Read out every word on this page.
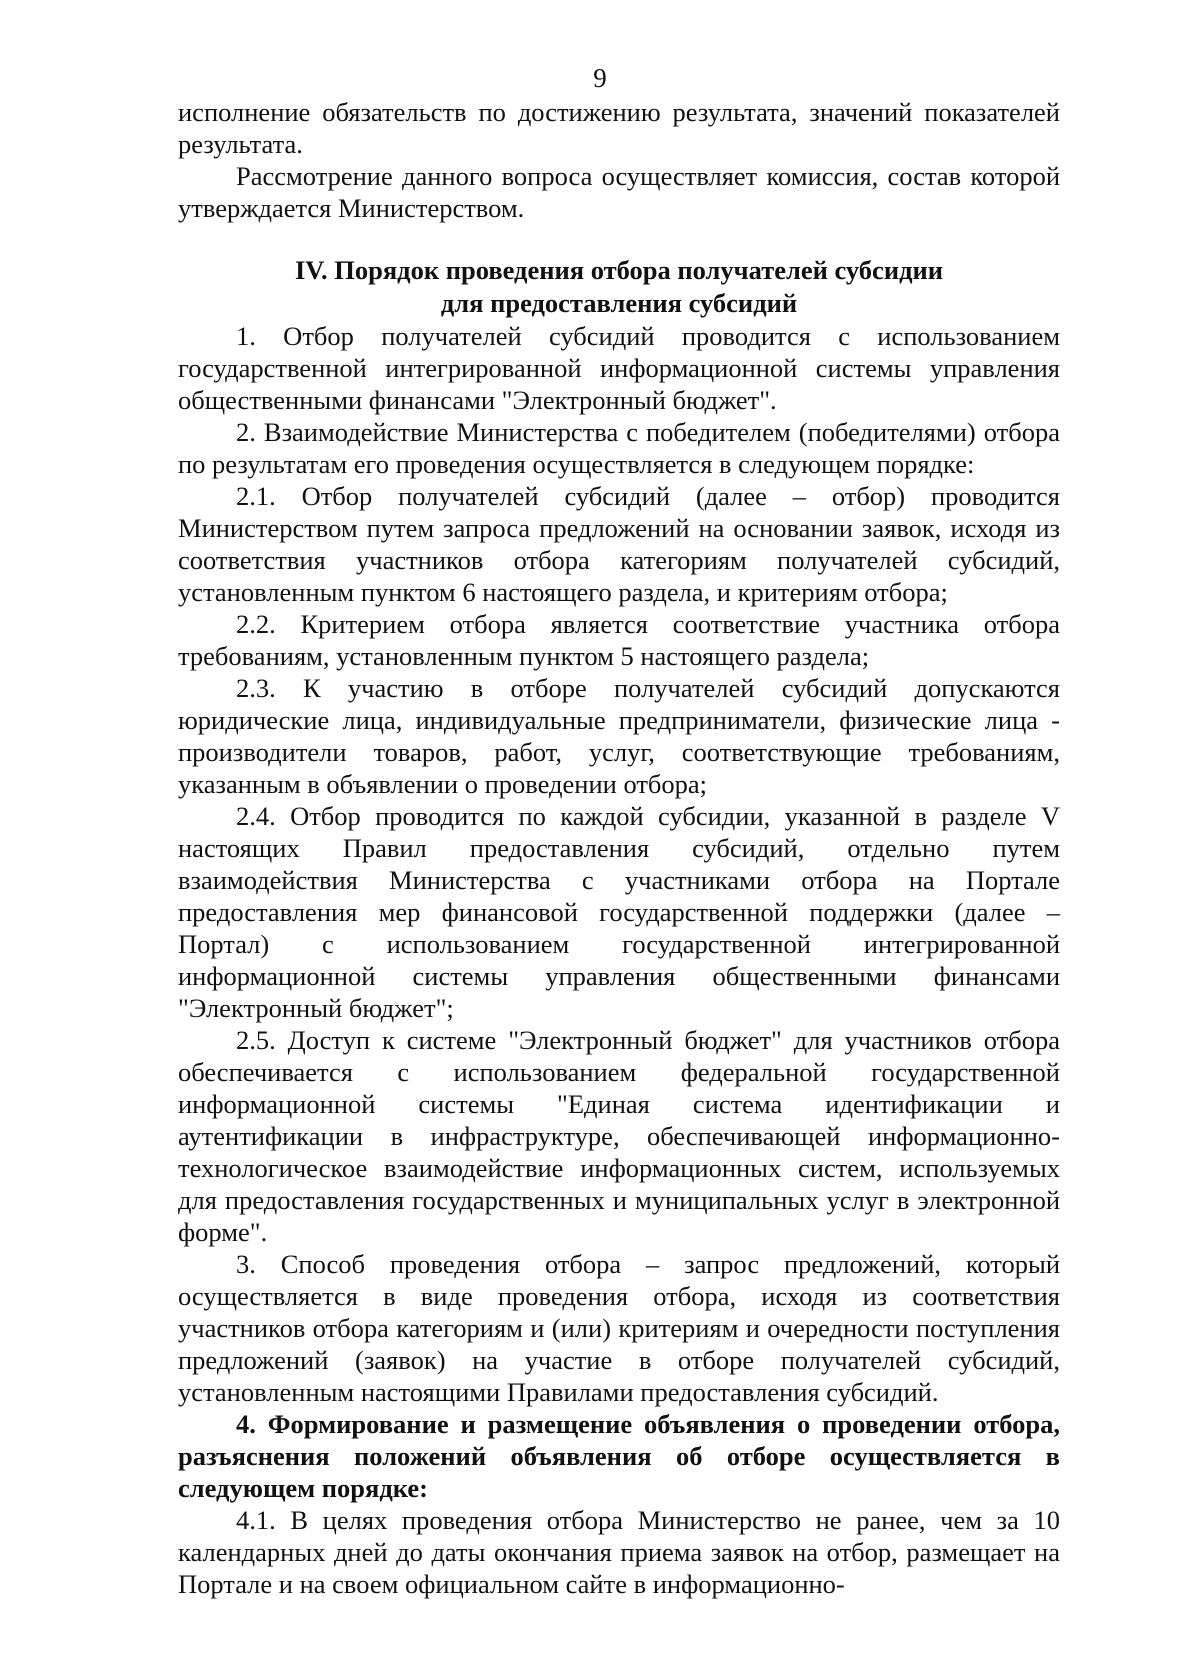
9

исполнение обязательств по достижению результата, значений показателей результата.

Рассмотрение данного вопроса осуществляет комиссия, состав которой утверждается Министерством.

IV. Порядок проведения отбора получателей субсидии
для предоставления субсидий

1. Отбор получателей субсидий проводится с использованием государственной интегрированной информационной системы управления общественными финансами "Электронный бюджет".

2. Взаимодействие Министерства с победителем (победителями) отбора по результатам его проведения осуществляется в следующем порядке:

2.1. Отбор получателей субсидий (далее – отбор) проводится Министерством путем запроса предложений на основании заявок, исходя из соответствия участников отбора категориям получателей субсидий, установленным пунктом 6 настоящего раздела, и критериям отбора;

2.2. Критерием отбора является соответствие участника отбора требованиям, установленным пунктом 5 настоящего раздела;

2.3. К участию в отборе получателей субсидий допускаются юридические лица, индивидуальные предприниматели, физические лица - производители товаров, работ, услуг, соответствующие требованиям, указанным в объявлении о проведении отбора;

2.4. Отбор проводится по каждой субсидии, указанной в разделе V настоящих Правил предоставления субсидий, отдельно путем взаимодействия Министерства с участниками отбора на Портале предоставления мер финансовой государственной поддержки (далее – Портал) с использованием государственной интегрированной информационной системы управления общественными финансами "Электронный бюджет";

2.5. Доступ к системе "Электронный бюджет" для участников отбора обеспечивается с использованием федеральной государственной информационной системы "Единая система идентификации и аутентификации в инфраструктуре, обеспечивающей информационно-технологическое взаимодействие информационных систем, используемых для предоставления государственных и муниципальных услуг в электронной форме".

3. Способ проведения отбора – запрос предложений, который осуществляется в виде проведения отбора, исходя из соответствия участников отбора категориям и (или) критериям и очередности поступления предложений (заявок) на участие в отборе получателей субсидий, установленным настоящими Правилами предоставления субсидий.

4. Формирование и размещение объявления о проведении отбора, разъяснения положений объявления об отборе осуществляется в следующем порядке:

4.1. В целях проведения отбора Министерство не ранее, чем за 10 календарных дней до даты окончания приема заявок на отбор, размещает на Портале и на своем официальном сайте в информационно-
